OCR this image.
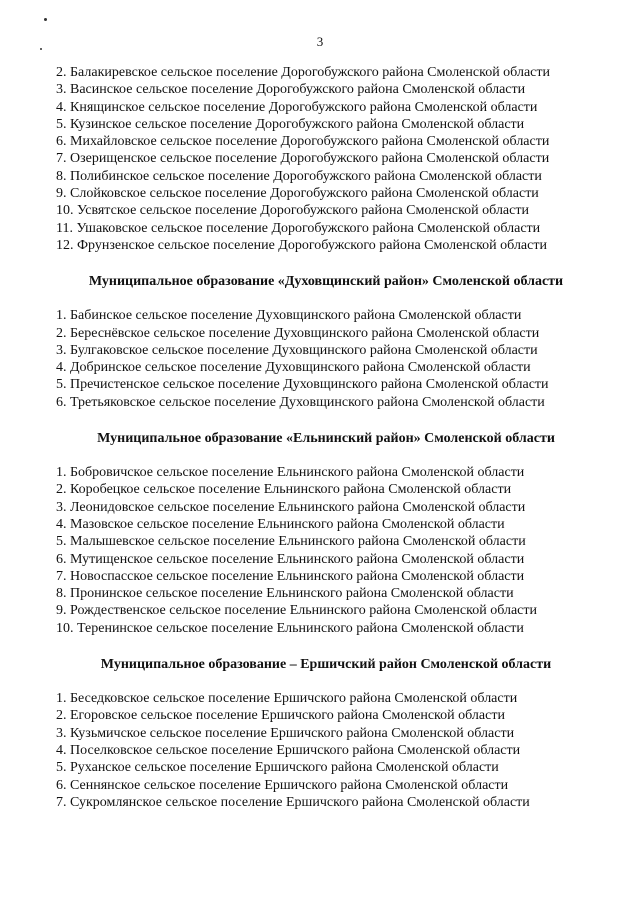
3
2. Балакиревское сельское поселение Дорогобужского района Смоленской области
3. Васинское сельское поселение Дорогобужского района Смоленской области
4. Княщинское сельское поселение Дорогобужского района Смоленской области
5. Кузинское сельское поселение Дорогобужского района Смоленской области
6. Михайловское сельское поселение Дорогобужского района Смоленской области
7. Озерищенское сельское поселение Дорогобужского района Смоленской области
8. Полибинское сельское поселение Дорогобужского района Смоленской области
9. Слойковское сельское поселение Дорогобужского района Смоленской области
10. Усвятское сельское поселение Дорогобужского района Смоленской области
11. Ушаковское сельское поселение Дорогобужского района Смоленской области
12. Фрунзенское сельское поселение Дорогобужского района Смоленской области
Муниципальное образование «Духовщинский район» Смоленской области
1. Бабинское сельское поселение Духовщинского района Смоленской области
2. Береснёвское сельское поселение Духовщинского района Смоленской области
3. Булгаковское сельское поселение Духовщинского района Смоленской области
4. Добринское сельское поселение Духовщинского района Смоленской области
5. Пречистенское сельское поселение Духовщинского района Смоленской области
6. Третьяковское сельское поселение Духовщинского района Смоленской области
Муниципальное образование «Ельнинский район» Смоленской области
1. Бобровичское сельское поселение Ельнинского района Смоленской области
2. Коробецкое сельское поселение Ельнинского района Смоленской области
3. Леонидовское сельское поселение Ельнинского района Смоленской области
4. Мазовское сельское поселение Ельнинского района Смоленской области
5. Малышевское сельское поселение Ельнинского района Смоленской области
6. Мутищенское сельское поселение Ельнинского района Смоленской области
7. Новоспасское сельское поселение Ельнинского района Смоленской области
8. Пронинское сельское поселение Ельнинского района Смоленской области
9. Рождественское сельское поселение Ельнинского района Смоленской области
10. Теренинское сельское поселение Ельнинского района Смоленской области
Муниципальное образование – Ершичский район Смоленской области
1. Беседковское сельское поселение Ершичского района Смоленской области
2. Егоровское сельское поселение Ершичского района Смоленской области
3. Кузьмичское сельское поселение Ершичского района Смоленской области
4. Поселковское сельское поселение Ершичского района Смоленской области
5. Руханское сельское поселение Ершичского района Смоленской области
6. Сеннянское сельское поселение Ершичского района Смоленской области
7. Сукромлянское сельское поселение Ершичского района Смоленской области
